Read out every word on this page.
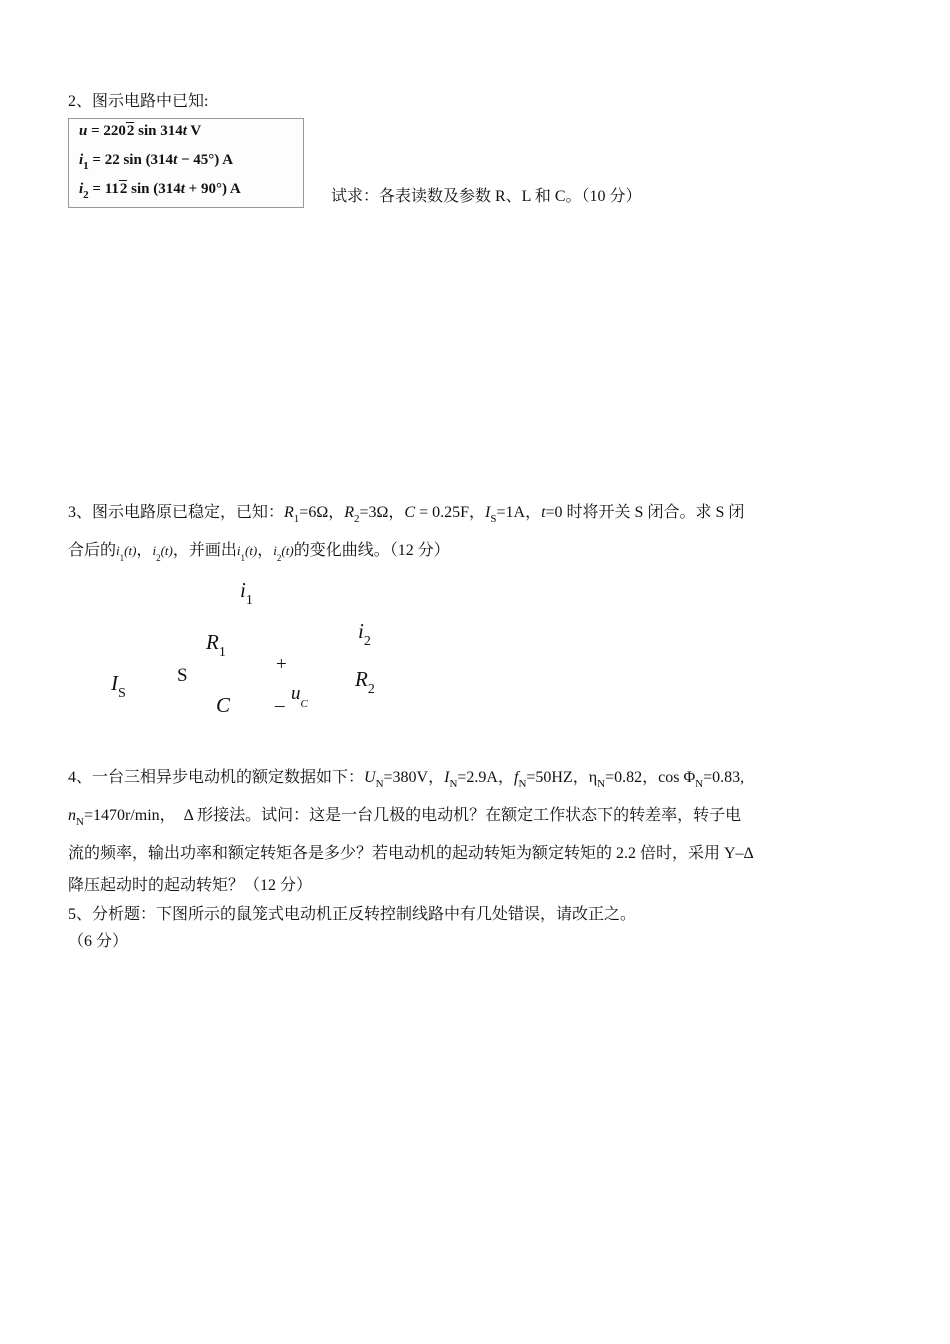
2、图示电路中已知:
u = 2202 sin 314t V
$i_1 = 22$ sin (314t − 45°) A
$i_2 = 112$ sin (314t + 90°) A	试求：各表读数及参数 R、L 和 C。（10 分）
3、图示电路原已稳定，已知：$R_1=6\Omega$，$R_2=3\Omega$，C = 0.25F，$I_S=1A$，t=0 时将开关 S 闭合。求 S 闭
合后的$i_1(t)$，$i_2(t)$，并画出$i_1(t)$，$i_2(t)$的变化曲线。（12 分）
$i_1$
$R_1$
$i_2$
+
$I_S$
S
$u_C$
$R_2$
C –
4、一台三相异步电动机的额定数据如下：$U_N=380V$，$I_N=2.9A$，$f_N=50HZ$，$\eta_N=0.82$，$\cos \Phi_N=0.83$,
$n_N=1470r/\min$，  Δ 形接法。试问：这是一台几极的电动机？在额定工作状态下的转差率，转子电
流的频率，输出功率和额定转矩各是多少？若电动机的起动转矩为额定转矩的 2.2 倍时，采用 Y–Δ
降压起动时的起动转矩？（12 分）
5、分析题：下图所示的鼠笼式电动机正反转控制线路中有几处错误，请改正之。
（6 分）
